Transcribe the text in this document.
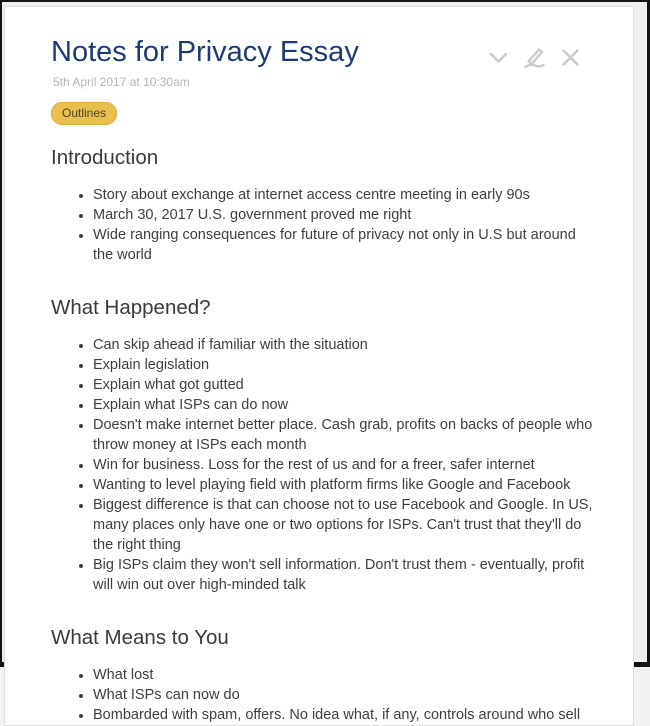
Notes for Privacy Essay
5th April 2017 at 10:30am
Outlines
Introduction
• Story about exchange at internet access centre meeting in early 90s
• March 30, 2017 U.S. government proved me right
• Wide ranging consequences for future of privacy not only in U.S but around the world
What Happened?
• Can skip ahead if familiar with the situation
• Explain legislation
• Explain what got gutted
• Explain what ISPs can do now
• Doesn't make internet better place. Cash grab, profits on backs of people who throw money at ISPs each month
• Win for business. Loss for the rest of us and for a freer, safer internet
• Wanting to level playing field with platform firms like Google and Facebook
• Biggest difference is that can choose not to use Facebook and Google. In US, many places only have one or two options for ISPs. Can't trust that they'll do the right thing
• Big ISPs claim they won't sell information. Don't trust them - eventually, profit will win out over high-minded talk
What Means to You
• What lost
• What ISPs can now do
• Bombarded with spam, offers. No idea what, if any, controls around who sell
